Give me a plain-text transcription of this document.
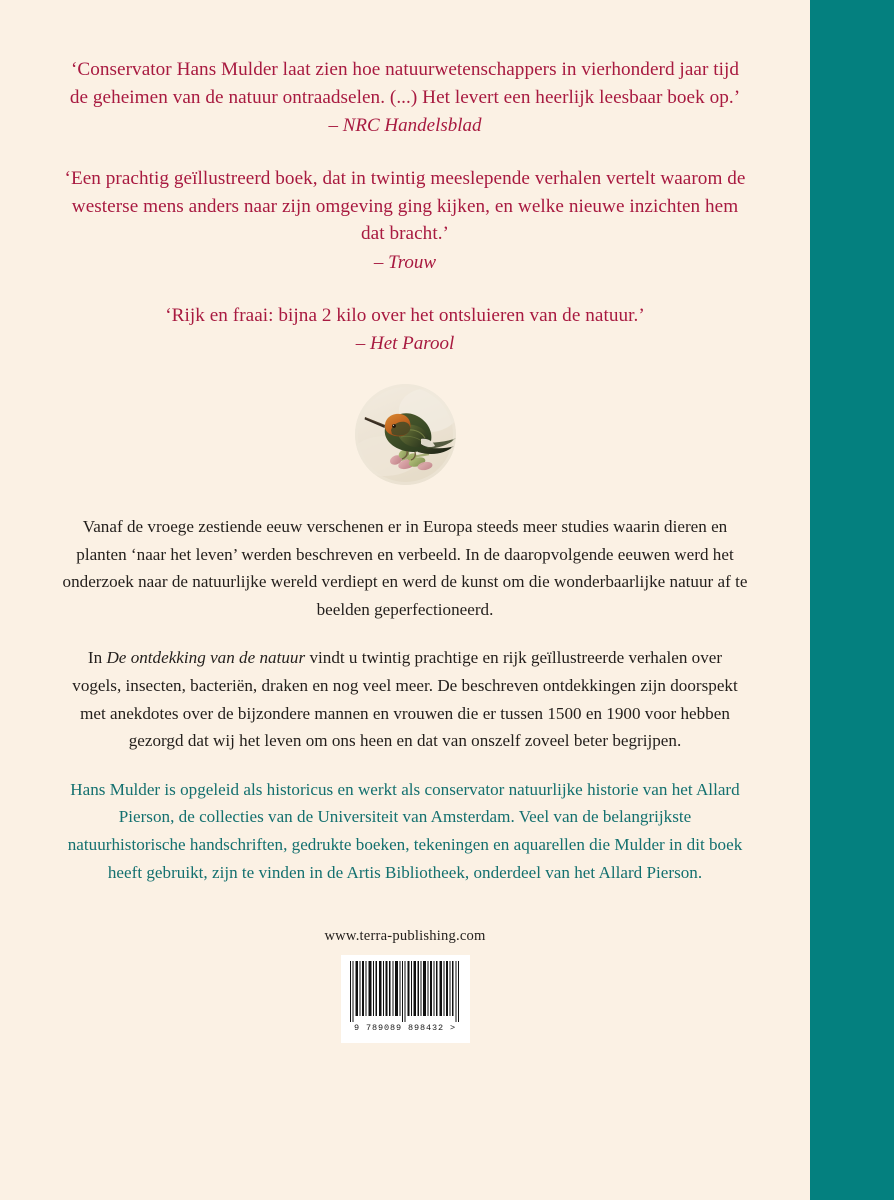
‘Conservator Hans Mulder laat zien hoe natuurwetenschappers in vierhonderd jaar tijd de geheimen van de natuur ontraadselen. (...) Het levert een heerlijk leesbaar boek op.’
– NRC Handelsblad
‘Een prachtig geïllustreerd boek, dat in twintig meeslepende verhalen vertelt waarom de westerse mens anders naar zijn omgeving ging kijken, en welke nieuwe inzichten hem dat bracht.’
– Trouw
‘Rijk en fraai: bijna 2 kilo over het ontsluieren van de natuur.’
– Het Parool

Vanaf de vroege zestiende eeuw verschenen er in Europa steeds meer studies waarin dieren en planten ‘naar het leven’ werden beschreven en verbeeld. In de daaropvolgende eeuwen werd het onderzoek naar de natuurlijke wereld verdiept en werd de kunst om die wonderbaarlijke natuur af te beelden geperfectioneerd.

In De ontdekking van de natuur vindt u twintig prachtige en rijk geïllustreerde verhalen over vogels, insecten, bacteriën, draken en nog veel meer. De beschreven ontdekkingen zijn doorspekt met anekdotes over de bijzondere mannen en vrouwen die er tussen 1500 en 1900 voor hebben gezorgd dat wij het leven om ons heen en dat van onszelf zoveel beter begrijpen.

Hans Mulder is opgeleid als historicus en werkt als conservator natuurlijke historie van het Allard Pierson, de collecties van de Universiteit van Amsterdam. Veel van de belangrijkste natuurhistorische handschriften, gedrukte boeken, tekeningen en aquarellen die Mulder in dit boek heeft gebruikt, zijn te vinden in de Artis Bibliotheek, onderdeel van het Allard Pierson.

www.terra-publishing.com
9 789089 898432 >
